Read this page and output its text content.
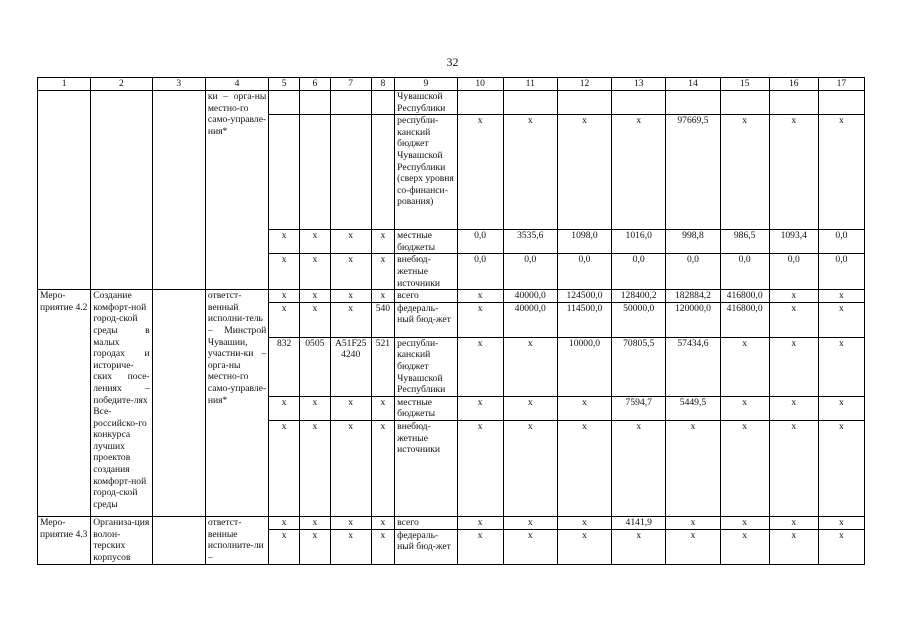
32
1	2	3	4	5	6	7	8	9	10	11	12	13	14	15	16	17
			ки – орга-ны местно-го само-управле-ния*					Чувашской Республики								
								республи-канский бюджет Чувашской Республики (сверх уровня со-финанси-рования)	x	x	x	x	97669,5	x	x	x
				x	x	x	x	местные бюджеты	0,0	3535,6	1098,0	1016,0	998,8	986,5	1093,4	0,0
				x	x	x	x	внебюд-жетные источники	0,0	0,0	0,0	0,0	0,0	0,0	0,0	0,0
Меро-приятие 4.2	Создание комфорт-ной город-ской среды в малых городах и историче-ских посе-лениях – победите-лях Все-российско-го конкурса лучших проектов создания комфорт-ной город-ской среды		ответст-венный исполни-тель – Минстрой Чувашии, участни-ки – орга-ны местно-го само-управле-ния*	x	x	x	x	всего	x	40000,0	124500,0	128400,2	182884,2	416800,0	x	x
				x	x	x	540	федераль-ный бюд-жет	x	40000,0	114500,0	50000,0	120000,0	416800,0	x	x
				832	0505	A51F25 4240	521	республи-канский бюджет Чувашской Республики	x	x	10000,0	70805,5	57434,6	x	x	x
				x	x	x	x	местные бюджеты	x	x	x	7594,7	5449,5	x	x	x
				x	x	x	x	внебюд-жетные источники	x	x	x	x	x	x	x	x

Меро-приятие 4.3	Организа-ция волон-терских корпусов		ответст-венные исполните-ли –	x	x	x	x	всего	x	x	x	4141,9	x	x	x	x
				x	x	x	x	федераль-ный бюд-жет	x	x	x	x	x	x	x	x
